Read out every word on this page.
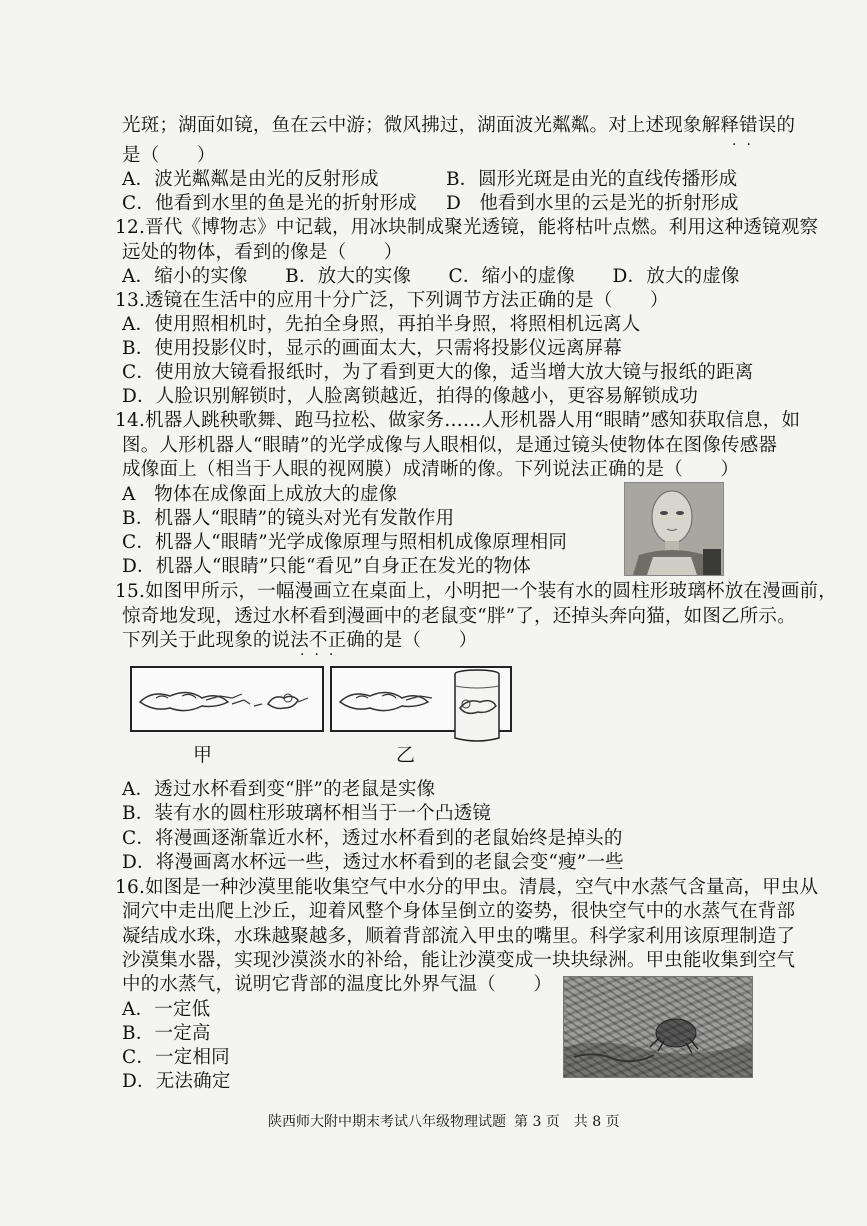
光斑；湖面如镜，鱼在云中游；微风拂过，湖面波光粼粼。对上述现象解释错误的
··
是（　　）
A．波光粼粼是由光的反射形成	B．圆形光斑是由光的直线传播形成
C．他看到水里的鱼是光的折射形成 D　他看到水里的云是光的折射形成
12.晋代《博物志》中记载，用冰块制成聚光透镜，能将枯叶点燃。利用这种透镜观察
远处的物体，看到的像是（　　）
A．缩小的实像　　B．放大的实像　　C．缩小的虚像　　D．放大的虚像
13.透镜在生活中的应用十分广泛，下列调节方法正确的是（　　）
A．使用照相机时，先拍全身照，再拍半身照，将照相机远离人
B．使用投影仪时，显示的画面太大，只需将投影仪远离屏幕
C．使用放大镜看报纸时，为了看到更大的像，适当增大放大镜与报纸的距离
D．人脸识别解锁时，人脸离锁越近，拍得的像越小，更容易解锁成功
14.机器人跳秧歌舞、跑马拉松、做家务……人形机器人用“眼睛”感知获取信息，如
图。人形机器人“眼睛”的光学成像与人眼相似，是通过镜头使物体在图像传感器
成像面上（相当于人眼的视网膜）成清晰的像。下列说法正确的是（　　）
A　物体在成像面上成放大的虚像
B．机器人“眼睛”的镜头对光有发散作用
C．机器人“眼睛”光学成像原理与照相机成像原理相同
D．机器人“眼睛”只能“看见”自身正在发光的物体
15.如图甲所示，一幅漫画立在桌面上，小明把一个装有水的圆柱形玻璃杯放在漫画前，
惊奇地发现，透过水杯看到漫画中的老鼠变“胖”了，还掉头奔向猫，如图乙所示。
下列关于此现象的说法不正确的是（　　）
···
甲	乙
A．透过水杯看到变“胖”的老鼠是实像
B．装有水的圆柱形玻璃杯相当于一个凸透镜
C．将漫画逐渐靠近水杯，透过水杯看到的老鼠始终是掉头的
D．将漫画离水杯远一些，透过水杯看到的老鼠会变“瘦”一些
16.如图是一种沙漠里能收集空气中水分的甲虫。清晨，空气中水蒸气含量高，甲虫从
洞穴中走出爬上沙丘，迎着风整个身体呈倒立的姿势，很快空气中的水蒸气在背部
凝结成水珠，水珠越聚越多，顺着背部流入甲虫的嘴里。科学家利用该原理制造了
沙漠集水器，实现沙漠淡水的补给，能让沙漠变成一块块绿洲。甲虫能收集到空气
中的水蒸气，说明它背部的温度比外界气温（　　）
A．一定低
B．一定高
C．一定相同
D．无法确定
陕西师大附中期末考试八年级物理试题 第 3 页　共 8 页
